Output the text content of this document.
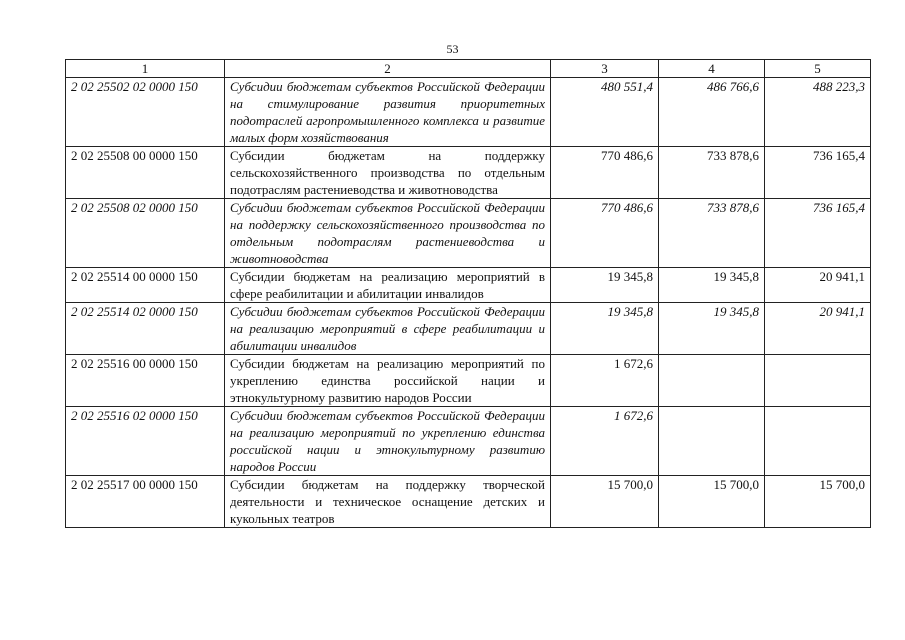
53
1	2	3	4	5
2 02 25502 02 0000 150	Субсидии бюджетам субъектов Российской Федерации на стимулирование развития приоритетных подотраслей агропромышленного комплекса и развитие малых форм хозяйствования	480 551,4	486 766,6	488 223,3
2 02 25508 00 0000 150	Субсидии бюджетам на поддержку сельскохозяйственного производства по отдельным подотраслям растениеводства и животноводства	770 486,6	733 878,6	736 165,4
2 02 25508 02 0000 150	Субсидии бюджетам субъектов Российской Федерации на поддержку сельскохозяйственного производства по отдельным подотраслям растениеводства и животноводства	770 486,6	733 878,6	736 165,4
2 02 25514 00 0000 150	Субсидии бюджетам на реализацию мероприятий в сфере реабилитации и абилитации инвалидов	19 345,8	19 345,8	20 941,1
2 02 25514 02 0000 150	Субсидии бюджетам субъектов Российской Федерации на реализацию мероприятий в сфере реабилитации и абилитации инвалидов	19 345,8	19 345,8	20 941,1
2 02 25516 00 0000 150	Субсидии бюджетам на реализацию мероприятий по укреплению единства российской нации и этнокультурному развитию народов России	1 672,6		
2 02 25516 02 0000 150	Субсидии бюджетам субъектов Российской Федерации на реализацию мероприятий по укреплению единства российской нации и этнокультурному развитию народов России	1 672,6		
2 02 25517 00 0000 150	Субсидии бюджетам на поддержку творческой деятельности и техническое оснащение детских и кукольных театров	15 700,0	15 700,0	15 700,0
